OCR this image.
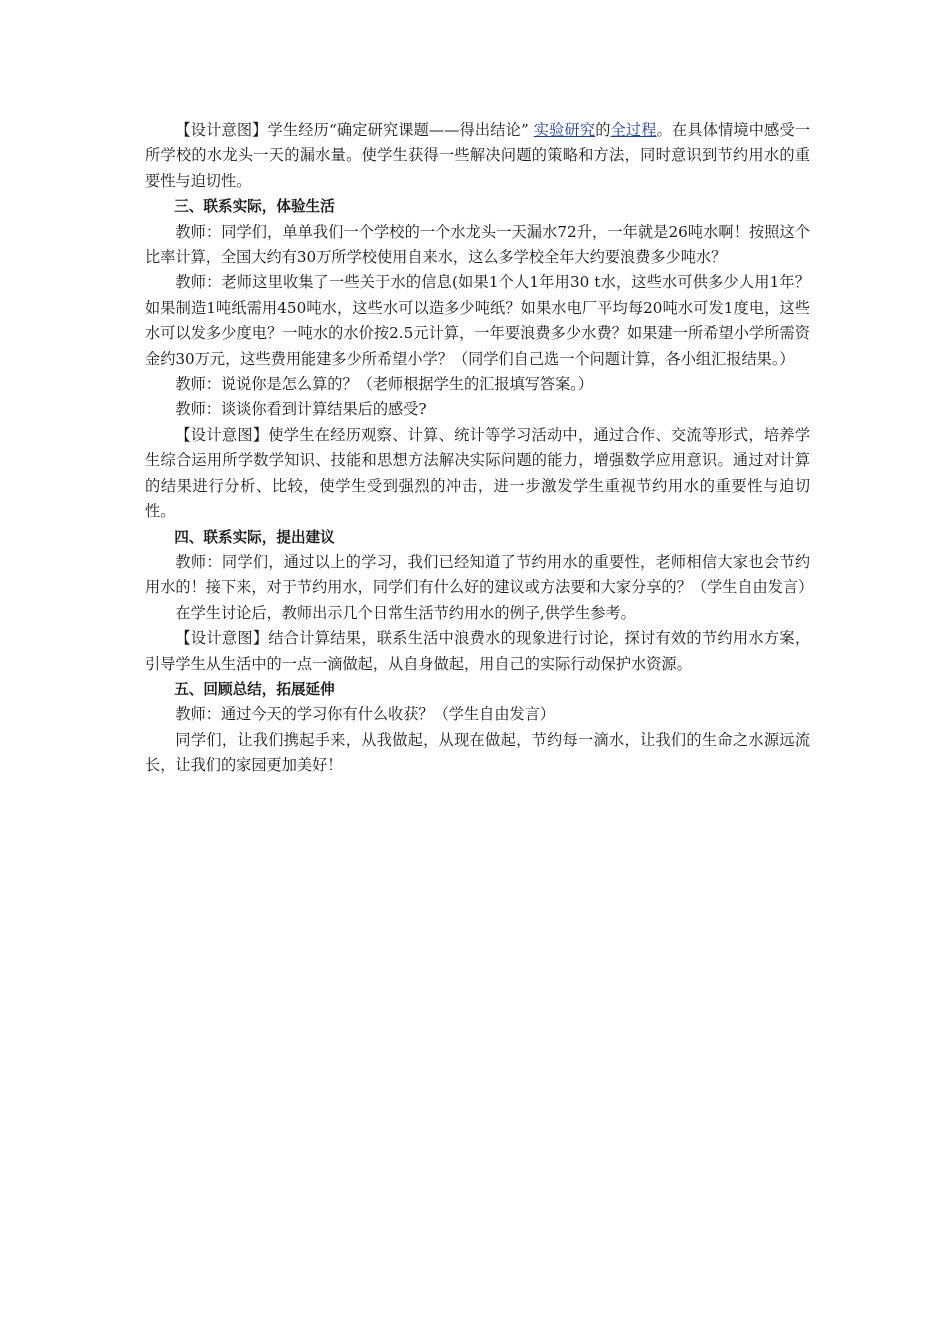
【设计意图】学生经历“确定研究课题——得出结论” 实验研究的全过程。在具体情境中感受一所学校的水龙头一天的漏水量。使学生获得一些解决问题的策略和方法，同时意识到节约用水的重要性与迫切性。

三、联系实际，体验生活

教师：同学们，单单我们一个学校的一个水龙头一天漏水72升，一年就是26吨水啊！按照这个比率计算，全国大约有30万所学校使用自来水，这么多学校全年大约要浪费多少吨水？

教师：老师这里收集了一些关于水的信息(如果1个人1年用30 t水，这些水可供多少人用1年？如果制造1吨纸需用450吨水，这些水可以造多少吨纸？如果水电厂平均每20吨水可发1度电，这些水可以发多少度电？一吨水的水价按2.5元计算，一年要浪费多少水费？如果建一所希望小学所需资金约30万元，这些费用能建多少所希望小学？（同学们自己选一个问题计算，各小组汇报结果。）

教师：说说你是怎么算的？（老师根据学生的汇报填写答案。）

教师：谈谈你看到计算结果后的感受?

【设计意图】使学生在经历观察、计算、统计等学习活动中，通过合作、交流等形式，培养学生综合运用所学数学知识、技能和思想方法解决实际问题的能力，增强数学应用意识。通过对计算的结果进行分析、比较，使学生受到强烈的冲击，进一步激发学生重视节约用水的重要性与迫切性。

四、联系实际，提出建议

教师：同学们，通过以上的学习，我们已经知道了节约用水的重要性，老师相信大家也会节约用水的！接下来，对于节约用水，同学们有什么好的建议或方法要和大家分享的？（学生自由发言）

在学生讨论后，教师出示几个日常生活节约用水的例子,供学生参考。

【设计意图】结合计算结果，联系生活中浪费水的现象进行讨论，探讨有效的节约用水方案，引导学生从生活中的一点一滴做起，从自身做起，用自己的实际行动保护水资源。

五、回顾总结，拓展延伸

教师：通过今天的学习你有什么收获？（学生自由发言）

同学们，让我们携起手来，从我做起，从现在做起，节约每一滴水，让我们的生命之水源远流长，让我们的家园更加美好！
